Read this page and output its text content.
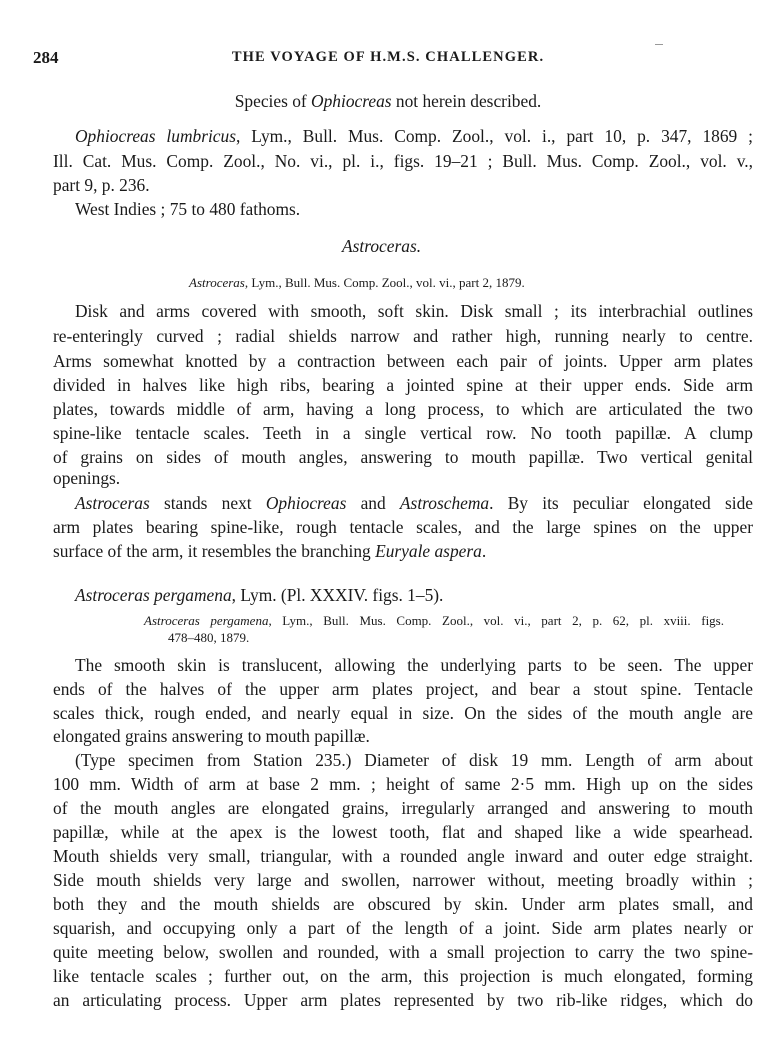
284	THE VOYAGE OF H.M.S. CHALLENGER.
Species of Ophiocreas not herein described.
Ophiocreas lumbricus, Lym., Bull. Mus. Comp. Zool., vol. i., part 10, p. 347, 1869 ;
Ill. Cat. Mus. Comp. Zool., No. vi., pl. i., figs. 19–21 ; Bull. Mus. Comp. Zool., vol. v.,
part 9, p. 236.
West Indies ; 75 to 480 fathoms.
Astroceras.
Astroceras, Lym., Bull. Mus. Comp. Zool., vol. vi., part 2, 1879.
Disk and arms covered with smooth, soft skin. Disk small ; its interbrachial outlines
re-enteringly curved ; radial shields narrow and rather high, running nearly to centre.
Arms somewhat knotted by a contraction between each pair of joints. Upper arm plates
divided in halves like high ribs, bearing a jointed spine at their upper ends. Side arm
plates, towards middle of arm, having a long process, to which are articulated the two
spine-like tentacle scales. Teeth in a single vertical row. No tooth papillæ. A clump
of grains on sides of mouth angles, answering to mouth papillæ. Two vertical genital
openings.
Astroceras stands next Ophiocreas and Astroschema. By its peculiar elongated side
arm plates bearing spine-like, rough tentacle scales, and the large spines on the upper
surface of the arm, it resembles the branching Euryale aspera.
Astroceras pergamena, Lym. (Pl. XXXIV. figs. 1–5).
Astroceras pergamena, Lym., Bull. Mus. Comp. Zool., vol. vi., part 2, p. 62, pl. xviii. figs.
478–480, 1879.
The smooth skin is translucent, allowing the underlying parts to be seen. The upper
ends of the halves of the upper arm plates project, and bear a stout spine. Tentacle
scales thick, rough ended, and nearly equal in size. On the sides of the mouth angle are
elongated grains answering to mouth papillæ.
(Type specimen from Station 235.) Diameter of disk 19 mm. Length of arm about
100 mm. Width of arm at base 2 mm. ; height of same 2·5 mm. High up on the sides
of the mouth angles are elongated grains, irregularly arranged and answering to mouth
papillæ, while at the apex is the lowest tooth, flat and shaped like a wide spearhead.
Mouth shields very small, triangular, with a rounded angle inward and outer edge straight.
Side mouth shields very large and swollen, narrower without, meeting broadly within ;
both they and the mouth shields are obscured by skin. Under arm plates small, and
squarish, and occupying only a part of the length of a joint. Side arm plates nearly or
quite meeting below, swollen and rounded, with a small projection to carry the two spine-
like tentacle scales ; further out, on the arm, this projection is much elongated, forming
an articulating process. Upper arm plates represented by two rib-like ridges, which do
